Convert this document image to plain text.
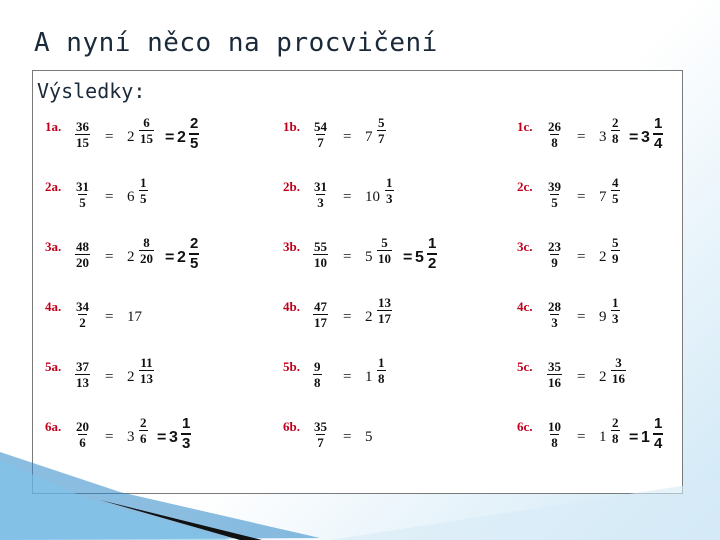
A nyní něco na procvičení
Výsledky:
1a. $\frac{36}{15} = 2 \frac{6}{15} = 2 \frac{2}{5}$
2a. $\frac{31}{5} = 6 \frac{1}{5}$
3a. $\frac{48}{20} = 2 \frac{8}{20} = 2 \frac{2}{5}$
4a. $\frac{34}{2} = 17$
5a. $\frac{37}{13} = 2 \frac{11}{13}$
6a. $\frac{20}{6} = 3 \frac{2}{6} = 3 \frac{1}{3}$
1b. $\frac{54}{7} = 7 \frac{5}{7}$
2b. $\frac{31}{3} = 10 \frac{1}{3}$
3b. $\frac{55}{10} = 5 \frac{5}{10} = 5 \frac{1}{2}$
4b. $\frac{47}{17} = 2 \frac{13}{17}$
5b. $\frac{9}{8} = 1 \frac{1}{8}$
6b. $\frac{35}{7} = 5$
1c. $\frac{26}{8} = 3 \frac{2}{8} = 3 \frac{1}{4}$
2c. $\frac{39}{5} = 7 \frac{4}{5}$
3c. $\frac{23}{9} = 2 \frac{5}{9}$
4c. $\frac{28}{3} = 9 \frac{1}{3}$
5c. $\frac{35}{16} = 2 \frac{3}{16}$
6c. $\frac{10}{8} = 1 \frac{2}{8} = 1 \frac{1}{4}$
